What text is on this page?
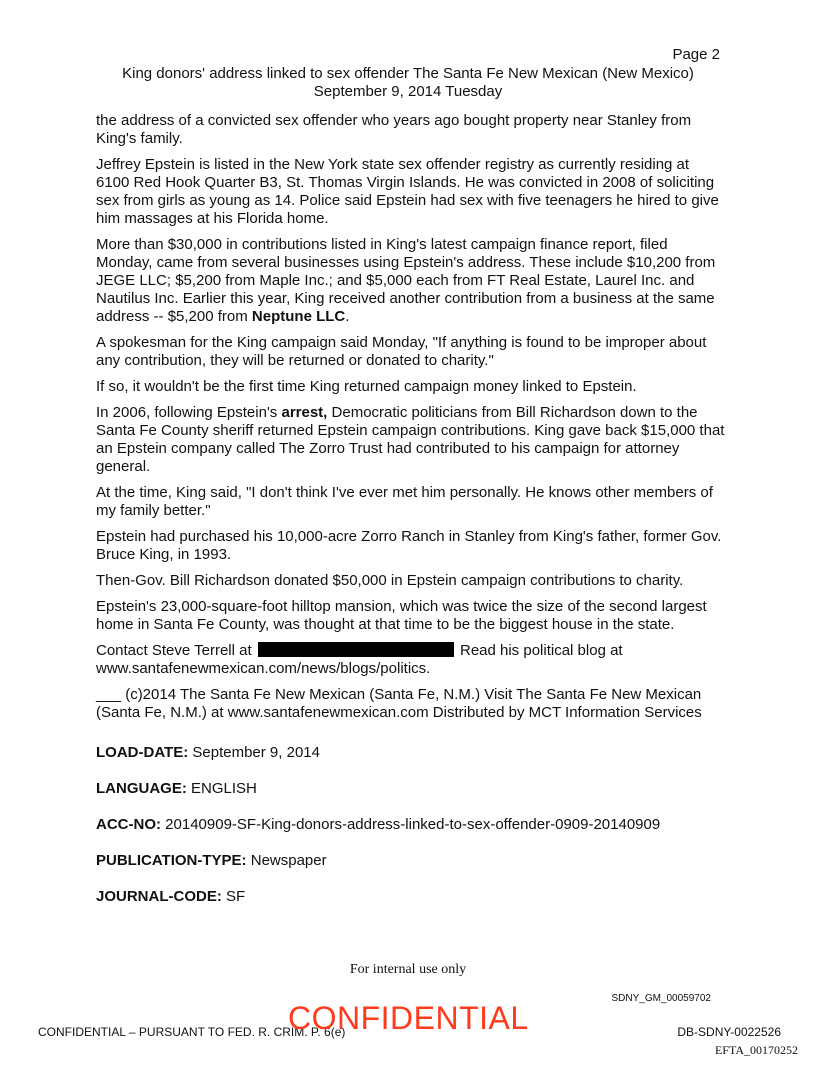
Page 2
King donors' address linked to sex offender The Santa Fe New Mexican (New Mexico)
September 9, 2014 Tuesday

the address of a convicted sex offender who years ago bought property near Stanley from King's family.

Jeffrey Epstein is listed in the New York state sex offender registry as currently residing at 6100 Red Hook Quarter B3, St. Thomas Virgin Islands. He was convicted in 2008 of soliciting sex from girls as young as 14. Police said Epstein had sex with five teenagers he hired to give him massages at his Florida home.

More than $30,000 in contributions listed in King's latest campaign finance report, filed Monday, came from several businesses using Epstein's address. These include $10,200 from JEGE LLC; $5,200 from Maple Inc.; and $5,000 each from FT Real Estate, Laurel Inc. and Nautilus Inc. Earlier this year, King received another contribution from a business at the same address -- $5,200 from Neptune LLC.

A spokesman for the King campaign said Monday, "If anything is found to be improper about any contribution, they will be returned or donated to charity."

If so, it wouldn't be the first time King returned campaign money linked to Epstein.

In 2006, following Epstein's arrest, Democratic politicians from Bill Richardson down to the Santa Fe County sheriff returned Epstein campaign contributions. King gave back $15,000 that an Epstein company called The Zorro Trust had contributed to his campaign for attorney general.

At the time, King said, "I don't think I've ever met him personally. He knows other members of my family better."

Epstein had purchased his 10,000-acre Zorro Ranch in Stanley from King's father, former Gov. Bruce King, in 1993.

Then-Gov. Bill Richardson donated $50,000 in Epstein campaign contributions to charity.

Epstein's 23,000-square-foot hilltop mansion, which was twice the size of the second largest home in Santa Fe County, was thought at that time to be the biggest house in the state.

Contact Steve Terrell at	Read his political blog at www.santafenewmexican.com/news/blogs/politics.

___ (c)2014 The Santa Fe New Mexican (Santa Fe, N.M.) Visit The Santa Fe New Mexican (Santa Fe, N.M.) at www.santafenewmexican.com Distributed by MCT Information Services

LOAD-DATE: September 9, 2014

LANGUAGE: ENGLISH

ACC-NO: 20140909-SF-King-donors-address-linked-to-sex-offender-0909-20140909

PUBLICATION-TYPE: Newspaper

JOURNAL-CODE: SF

For internal use only
SDNY_GM_00059702
CONFIDENTIAL – PURSUANT TO FED. R. CRIM. P. 6(e)
CONFIDENTIAL	DB-SDNY-0022526
EFTA_00170252
